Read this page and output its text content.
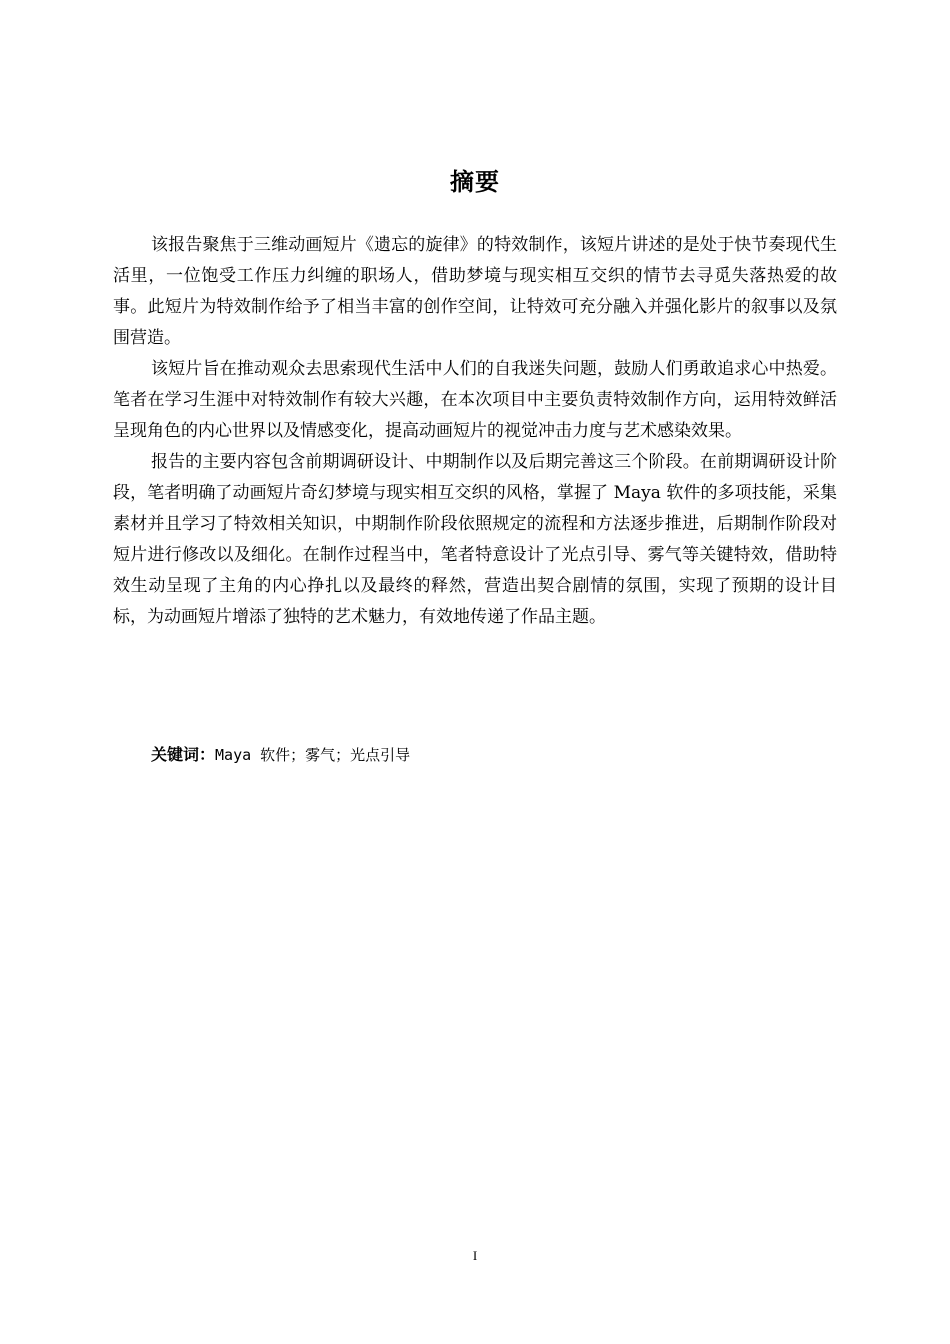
摘要

该报告聚焦于三维动画短片《遗忘的旋律》的特效制作，该短片讲述的是处于快节奏现代生活里，一位饱受工作压力纠缠的职场人，借助梦境与现实相互交织的情节去寻觅失落热爱的故事。此短片为特效制作给予了相当丰富的创作空间，让特效可充分融入并强化影片的叙事以及氛围营造。

该短片旨在推动观众去思索现代生活中人们的自我迷失问题，鼓励人们勇敢追求心中热爱。笔者在学习生涯中对特效制作有较大兴趣，在本次项目中主要负责特效制作方向，运用特效鲜活呈现角色的内心世界以及情感变化，提高动画短片的视觉冲击力度与艺术感染效果。

报告的主要内容包含前期调研设计、中期制作以及后期完善这三个阶段。在前期调研设计阶段，笔者明确了动画短片奇幻梦境与现实相互交织的风格，掌握了 Maya 软件的多项技能，采集素材并且学习了特效相关知识，中期制作阶段依照规定的流程和方法逐步推进，后期制作阶段对短片进行修改以及细化。在制作过程当中，笔者特意设计了光点引导、雾气等关键特效，借助特效生动呈现了主角的内心挣扎以及最终的释然，营造出契合剧情的氛围，实现了预期的设计目标，为动画短片增添了独特的艺术魅力，有效地传递了作品主题。

关键词：Maya 软件；雾气；光点引导
I
